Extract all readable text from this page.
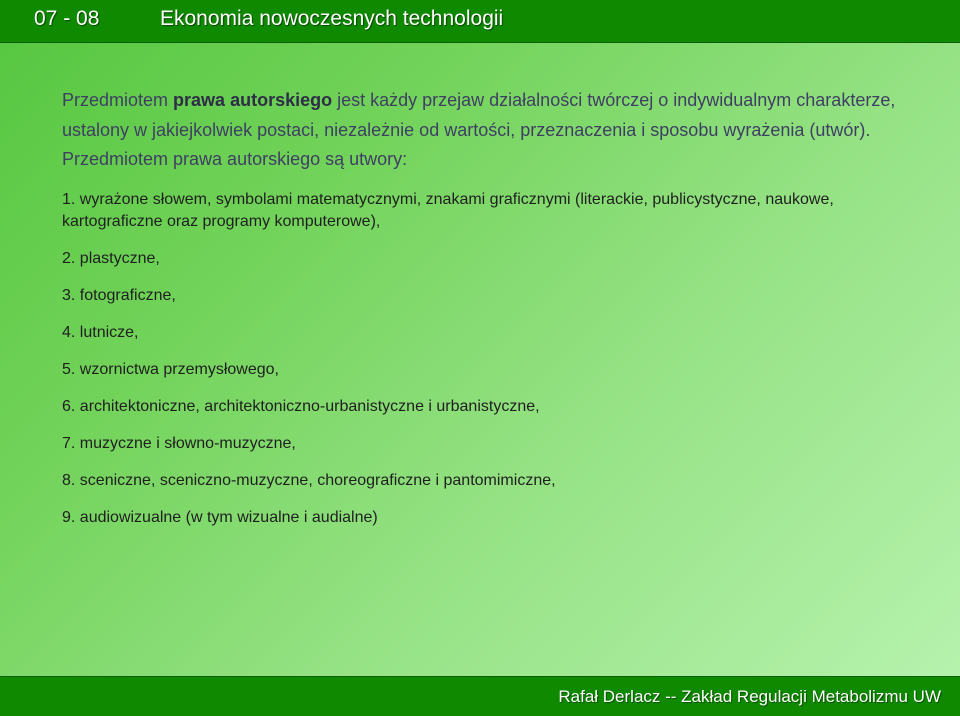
07 - 08	Ekonomia nowoczesnych technologii

Przedmiotem prawa autorskiego jest każdy przejaw działalności twórczej o indywidualnym charakterze, ustalony w jakiejkolwiek postaci, niezależnie od wartości, przeznaczenia i sposobu wyrażenia (utwór). Przedmiotem prawa autorskiego są utwory:

1. wyrażone słowem, symbolami matematycznymi, znakami graficznymi (literackie, publicystyczne, naukowe, kartograficzne oraz programy komputerowe),
2. plastyczne,
3. fotograficzne,
4. lutnicze,
5. wzornictwa przemysłowego,
6. architektoniczne, architektoniczno-urbanistyczne i urbanistyczne,
7. muzyczne i słowno-muzyczne,
8. sceniczne, sceniczno-muzyczne, choreograficzne i pantomimiczne,
9. audiowizualne (w tym wizualne i audialne)
Rafał Derlacz -- Zakład Regulacji Metabolizmu UW
